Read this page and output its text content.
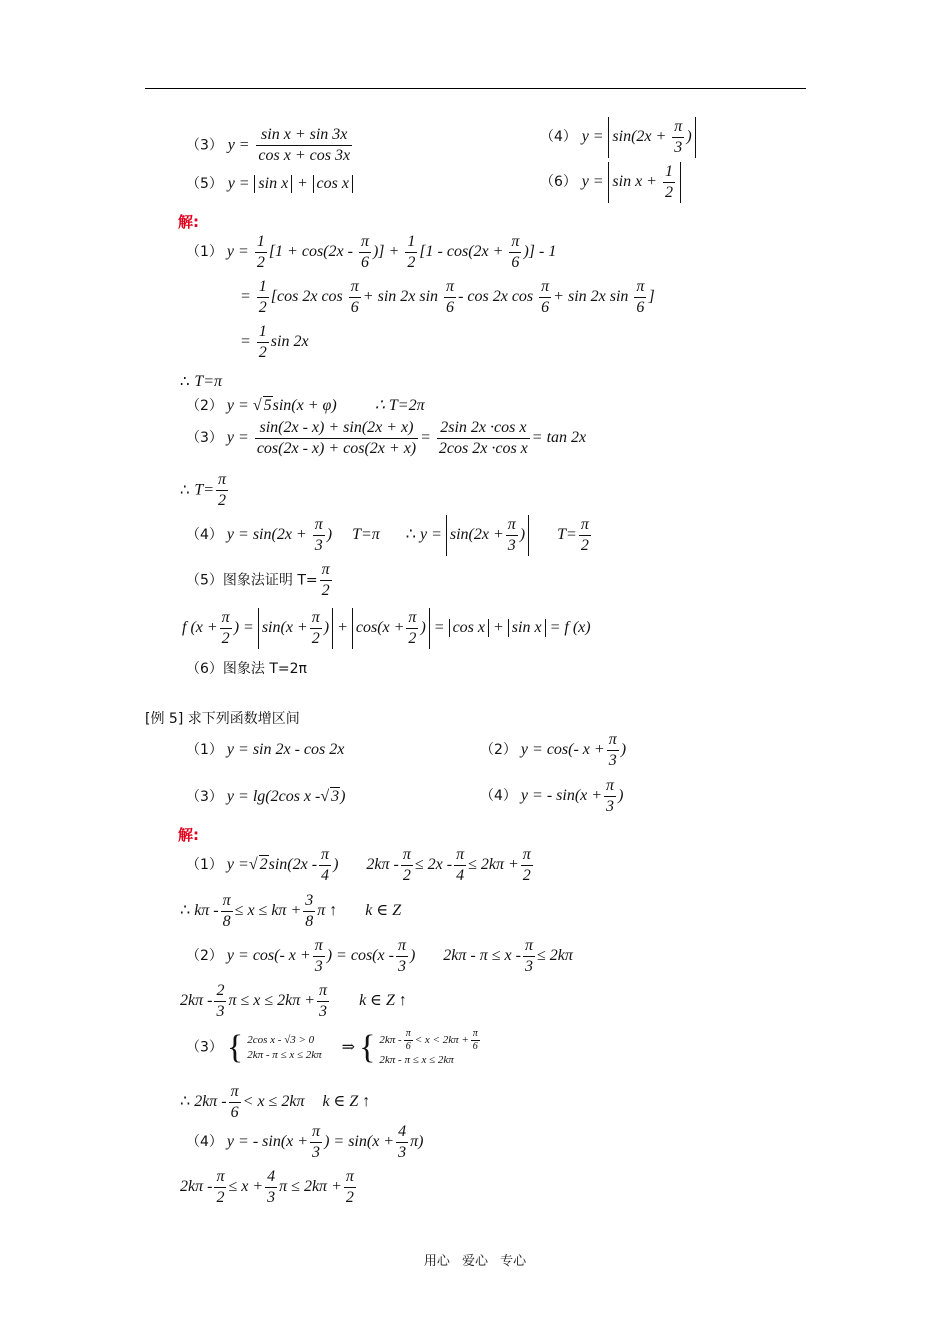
（3） $y = \frac{\text{sin x + sin 3x}}{\text{cos x + cos 3x}}$	（4） $y = \sin(2x + \frac{\pi}{3}$ )
（5） y = sin x + cos x	（6） $y = \sin x + \frac{1}{2}$
解:
（1） $y = \frac{1}{2} [1 + \cos(2x - \frac{\pi}{6}$ )] + $\frac{1}{2} [1 - \cos(2x + \frac{\pi}{6}$ )] - 1
= $\frac{1}{2} [\cos$ 2x $\cos \frac{\pi}{6} + \sin 2x$ $\sin \frac{\pi}{6}$ - cos 2x $\cos \frac{\pi}{6} + \sin 2x$ $\sin \frac{\pi}{6}$ ]
= $\frac{1}{2}$ sin 2x
∴ T=π
（2） y = √ 5sin(x + φ) ∴ T=2π
（3） $y = \frac{\sin(2x - x) + \sin(2x + x)}{\cos(2x - x) + \cos(2x + x)} = \frac{\text{2sin 2x ·cos x}}{\text{2cos 2x ·cos x}} = \tan 2x$
∴ $T= \frac{\pi}{2}$
（4） $y = \sin(2x + \frac{\pi}{3}$ ) T=π ∴ $y = \sin(2x + \frac{\pi}{3}$ ) $T= \frac{\pi}{2}$
（5）图象法证明 $T= \frac{\pi}{2}$
f ($x + \frac{\pi}{2}$ ) = $\sin(x + \frac{\pi}{2}$ ) + $\cos(x + \frac{\pi}{2}$ ) = cos x + sin x = f (x)
（6）图象法 T=2π
[例 5] 求下列函数增区间
（1） y = sin 2x - cos 2x	（2） y = cos(- $x + \frac{\pi}{3}$ )
（3） y = lg(2cos x -√ 3)	（4） y = - $\sin(x + \frac{\pi}{3}$ )
解:
（1） y =√ $2\sin(2x - \frac{\pi}{4}$ ) $2k\pi - \frac{\pi}{2} \le 2x - \frac{\pi}{4} \le 2k\pi + \frac{\pi}{2}$
∴ $k\pi - \frac{\pi}{8} \le x \le k\pi + \frac{3}{8}$ π ↑ k ∈ Z
（2） y = cos(- $x + \frac{\pi}{3}$ ) = $\cos(x - \frac{\pi}{3}$ ) $2k\pi - \pi \le x - \frac{\pi}{3} \le 2k\pi$
$2k\pi - \frac{2}{3}$ $\pi \le x \le 2k\pi + \frac{\pi}{3}$ k ∈ Z ↑
（3） { 2cos x - √3 > 0
2kπ - π ≤ x ≤ 2kπ ⇒ { $2k\pi - \frac{\pi}{6} < x < 2k\pi + \frac{\pi}{6}$
2kπ - π ≤ x ≤ 2kπ
∴ $2k\pi - \frac{\pi}{6} < x \le 2k\pi$ k ∈ Z ↑
（4） y = - $\sin(x + \frac{\pi}{3}$ ) = $\sin(x + \frac{4}{3} \pi)$
$2k\pi - \frac{\pi}{2} \le x + \frac{4}{3}$ $\pi \le 2k\pi + \frac{\pi}{2}$
用心 爱心 专心
